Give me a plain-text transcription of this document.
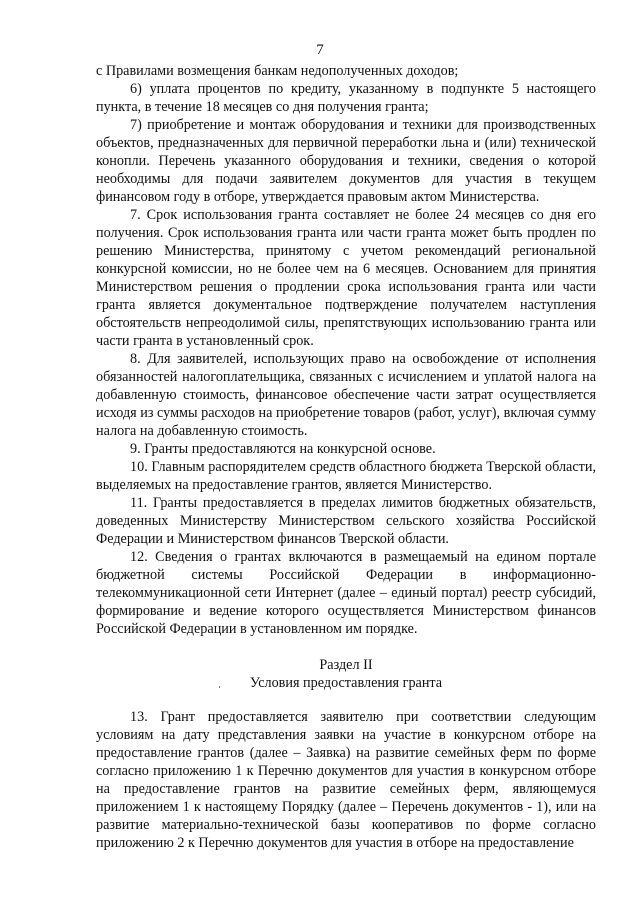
7

с Правилами возмещения банкам недополученных доходов;

6) уплата процентов по кредиту, указанному в подпункте 5 настоящего пункта, в течение 18 месяцев со дня получения гранта;

7) приобретение и монтаж оборудования и техники для производственных объектов, предназначенных для первичной переработки льна и (или) технической конопли. Перечень указанного оборудования и техники, сведения о которой необходимы для подачи заявителем документов для участия в текущем финансовом году в отборе, утверждается правовым актом Министерства.

7. Срок использования гранта составляет не более 24 месяцев со дня его получения. Срок использования гранта или части гранта может быть продлен по решению Министерства, принятому с учетом рекомендаций региональной конкурсной комиссии, но не более чем на 6 месяцев. Основанием для принятия Министерством решения о продлении срока использования гранта или части гранта является документальное подтверждение получателем наступления обстоятельств непреодолимой силы, препятствующих использованию гранта или части гранта в установленный срок.

8. Для заявителей, использующих право на освобождение от исполнения обязанностей налогоплательщика, связанных с исчислением и уплатой налога на добавленную стоимость, финансовое обеспечение части затрат осуществляется исходя из суммы расходов на приобретение товаров (работ, услуг), включая сумму налога на добавленную стоимость.

9. Гранты предоставляются на конкурсной основе.

10. Главным распорядителем средств областного бюджета Тверской области, выделяемых на предоставление грантов, является Министерство.

11. Гранты предоставляется в пределах лимитов бюджетных обязательств, доведенных Министерству Министерством сельского хозяйства Российской Федерации и Министерством финансов Тверской области.

12. Сведения о грантах включаются в размещаемый на едином портале бюджетной системы Российской Федерации в информационно-телекоммуникационной сети Интернет (далее – единый портал) реестр субсидий, формирование и ведение которого осуществляется Министерством финансов Российской Федерации в установленном им порядке.

Раздел II
Условия предоставления гранта

13. Грант предоставляется заявителю при соответствии следующим условиям на дату представления заявки на участие в конкурсном отборе на предоставление грантов (далее – Заявка) на развитие семейных ферм по форме согласно приложению 1 к Перечню документов для участия в конкурсном отборе на предоставление грантов на развитие семейных ферм, являющемуся приложением 1 к настоящему Порядку (далее – Перечень документов - 1), или на развитие материально-технической базы кооперативов по форме согласно приложению 2 к Перечню документов для участия в отборе на предоставление
